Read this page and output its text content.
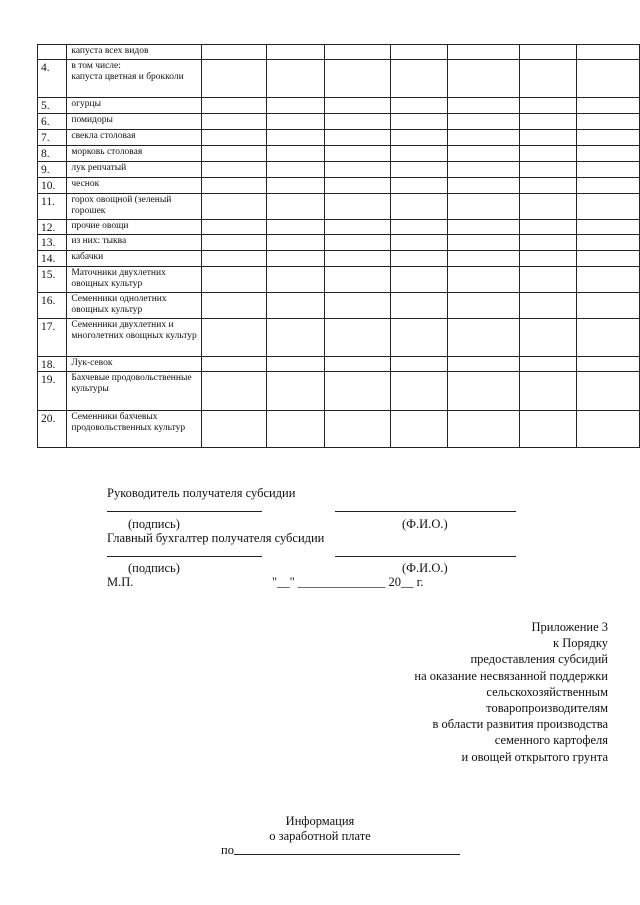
	капуста всех видов							
4.	в том числе:
капуста цветная и брокколи							
5.	огурцы							
6.	помидоры							
7.	свекла столовая							
8.	морковь столовая							
9.	лук репчатый							
10.	чеснок							
11.	горох овощной (зеленый горошек							
12.	прочие овощи							
13.	из них: тыква							
14.	кабачки							
15.	Маточники двухлетних овощных культур							
16.	Семенники однолетних овощных культур							
17.	Семенники двухлетних и многолетних овощных культур							
18.	Лук-севок							
19.	Бахчевые продовольственные культуры							
20.	Семенники бахчевых продовольственных культур							
Руководитель получателя субсидии
(подпись)	(Ф.И.О.)
Главный бухгалтер получателя субсидии
(подпись)	(Ф.И.О.)
М.П.	"__" ______________ 20__ г.
Приложение 3
к Порядку
предоставления субсидий
на оказание несвязанной поддержки
сельскохозяйственным
товаропроизводителям
в области развития производства
семенного картофеля
и овощей открытого грунта
Информация
о заработной плате
по
